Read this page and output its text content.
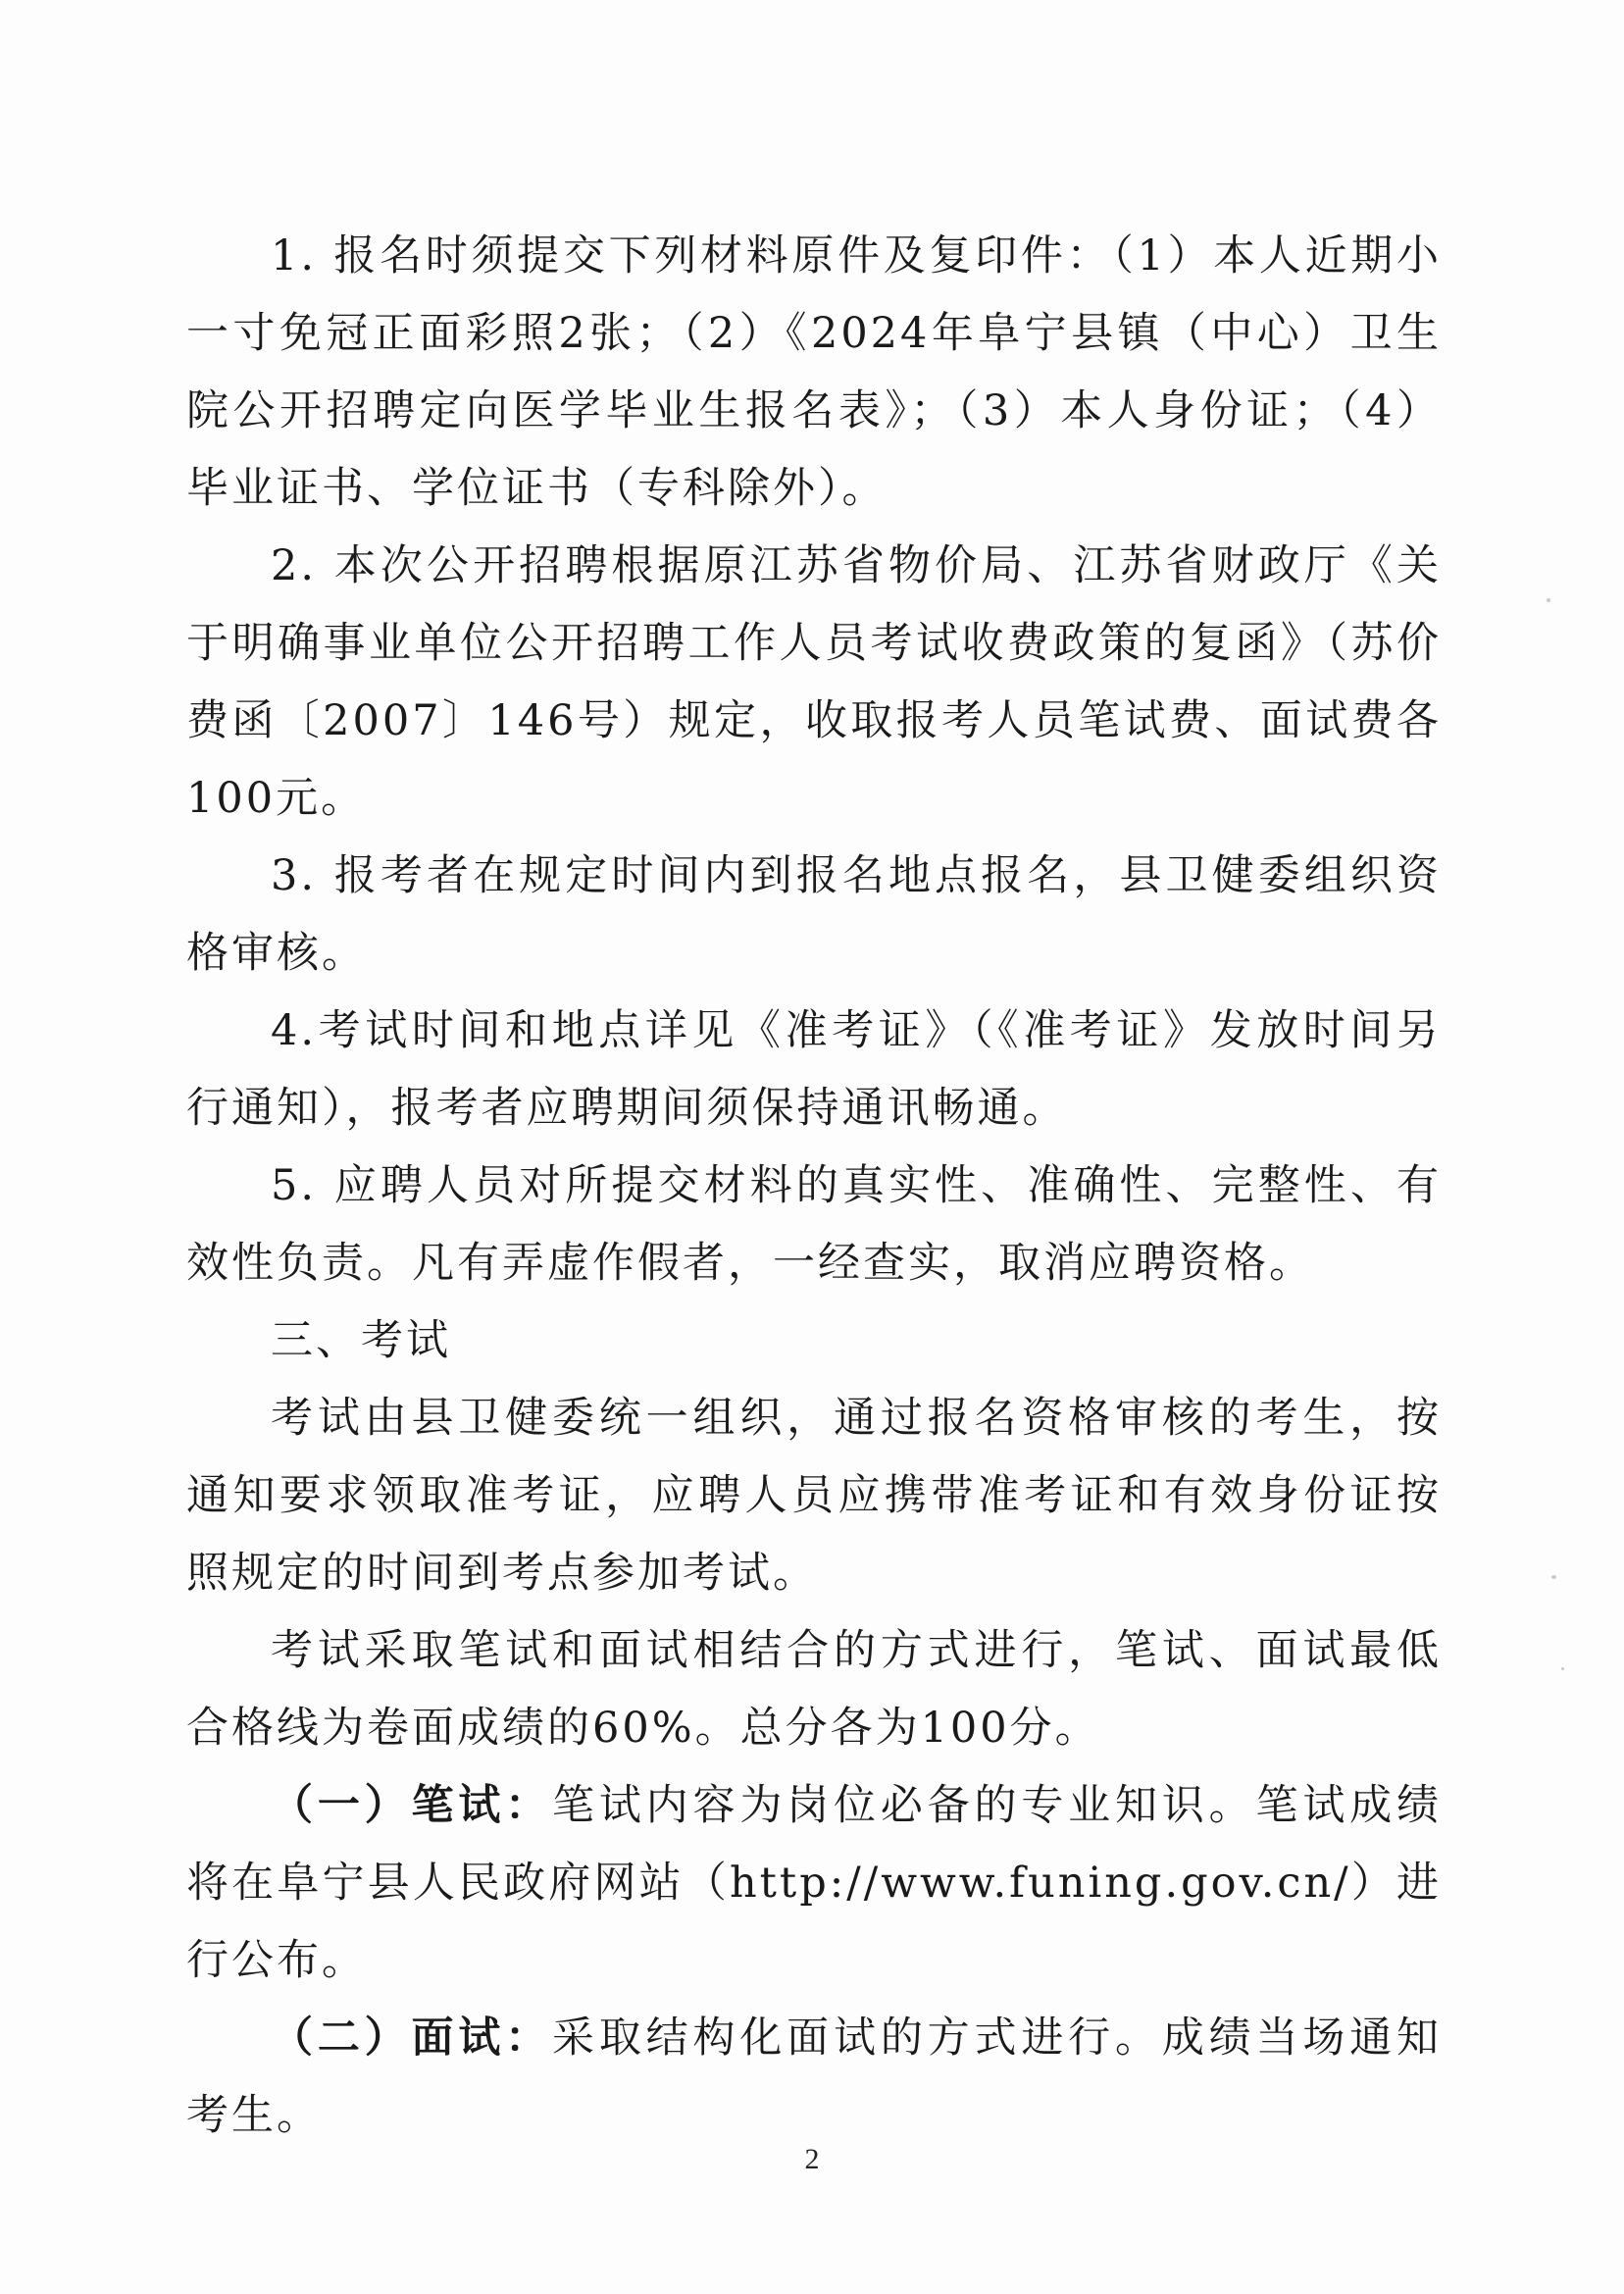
1. 报名时须提交下列材料原件及复印件：（1）本人近期小一寸免冠正面彩照2张；（2）《2024年阜宁县镇（中心）卫生院公开招聘定向医学毕业生报名表》；（3）本人身份证；（4）毕业证书、学位证书（专科除外）。

2. 本次公开招聘根据原江苏省物价局、江苏省财政厅《关于明确事业单位公开招聘工作人员考试收费政策的复函》（苏价费函〔2007〕146号）规定，收取报考人员笔试费、面试费各100元。

3. 报考者在规定时间内到报名地点报名，县卫健委组织资格审核。

4.考试时间和地点详见《准考证》（《准考证》发放时间另行通知），报考者应聘期间须保持通讯畅通。

5. 应聘人员对所提交材料的真实性、准确性、完整性、有效性负责。凡有弄虚作假者，一经查实，取消应聘资格。

三、考试

考试由县卫健委统一组织，通过报名资格审核的考生，按通知要求领取准考证，应聘人员应携带准考证和有效身份证按照规定的时间到考点参加考试。

考试采取笔试和面试相结合的方式进行，笔试、面试最低合格线为卷面成绩的60%。总分各为100分。

（一）笔试：笔试内容为岗位必备的专业知识。笔试成绩将在阜宁县人民政府网站（http://www.funing.gov.cn/）进行公布。

（二）面试：采取结构化面试的方式进行。成绩当场通知考生。

2
